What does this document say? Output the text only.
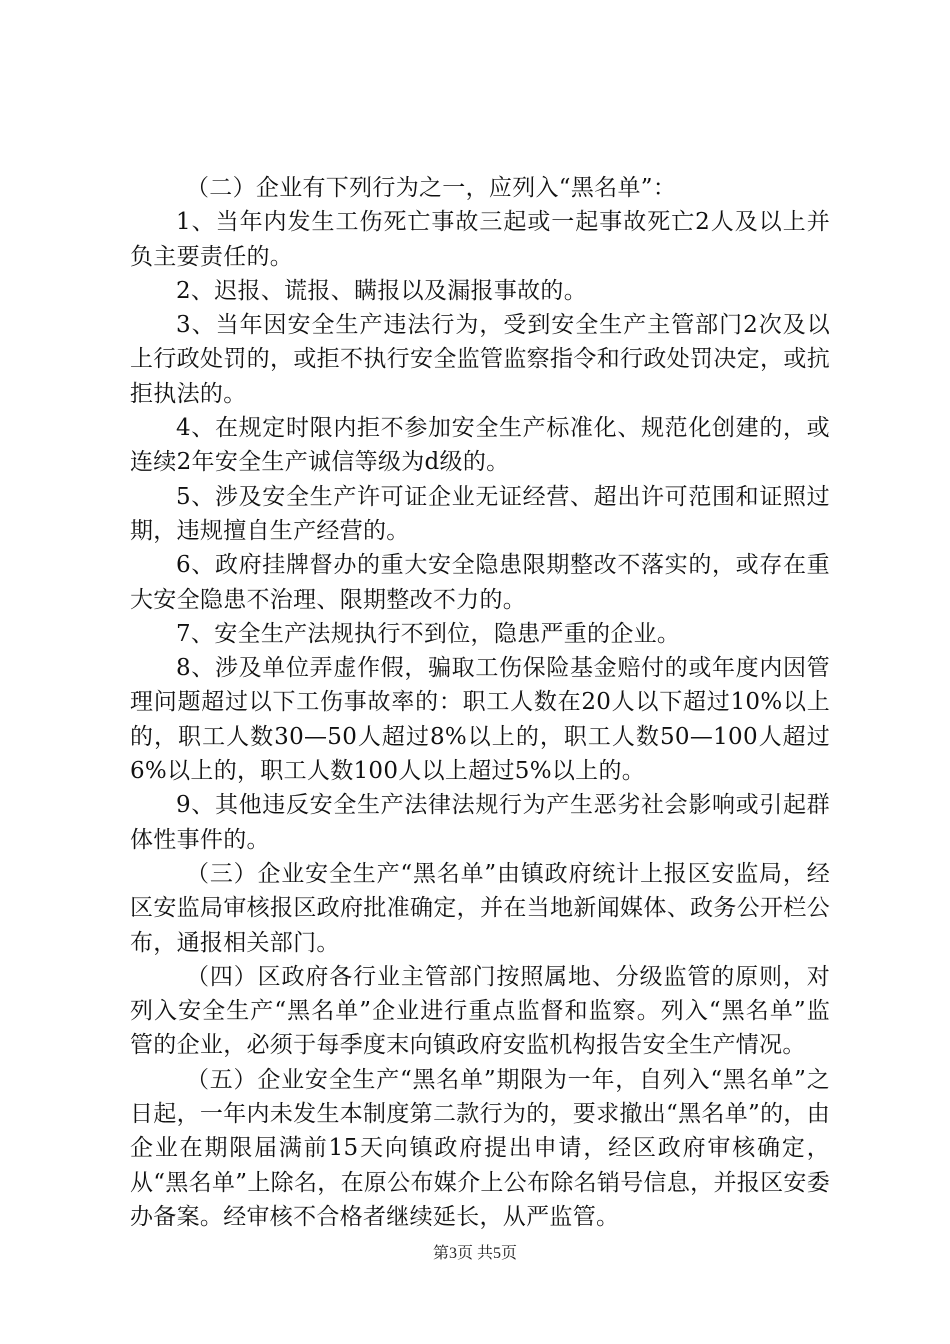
（二）企业有下列行为之一，应列入“黑名单”：

1、当年内发生工伤死亡事故三起或一起事故死亡2人及以上并负主要责任的。

2、迟报、谎报、瞒报以及漏报事故的。

3、当年因安全生产违法行为，受到安全生产主管部门2次及以上行政处罚的，或拒不执行安全监管监察指令和行政处罚决定，或抗拒执法的。

4、在规定时限内拒不参加安全生产标准化、规范化创建的，或连续2年安全生产诚信等级为d级的。

5、涉及安全生产许可证企业无证经营、超出许可范围和证照过期，违规擅自生产经营的。

6、政府挂牌督办的重大安全隐患限期整改不落实的，或存在重大安全隐患不治理、限期整改不力的。

7、安全生产法规执行不到位，隐患严重的企业。

8、涉及单位弄虚作假，骗取工伤保险基金赔付的或年度内因管理问题超过以下工伤事故率的：职工人数在20人以下超过10%以上的，职工人数30—50人超过8%以上的，职工人数50—100人超过6%以上的，职工人数100人以上超过5%以上的。

9、其他违反安全生产法律法规行为产生恶劣社会影响或引起群体性事件的。

（三）企业安全生产“黑名单”由镇政府统计上报区安监局，经区安监局审核报区政府批准确定，并在当地新闻媒体、政务公开栏公布，通报相关部门。

（四）区政府各行业主管部门按照属地、分级监管的原则，对列入安全生产“黑名单”企业进行重点监督和监察。列入“黑名单”监管的企业，必须于每季度末向镇政府安监机构报告安全生产情况。

（五）企业安全生产“黑名单”期限为一年，自列入“黑名单”之日起，一年内未发生本制度第二款行为的，要求撤出“黑名单”的，由企业在期限届满前15天向镇政府提出申请，经区政府审核确定，从“黑名单”上除名，在原公布媒介上公布除名销号信息，并报区安委办备案。经审核不合格者继续延长，从严监管。

第3页 共5页
